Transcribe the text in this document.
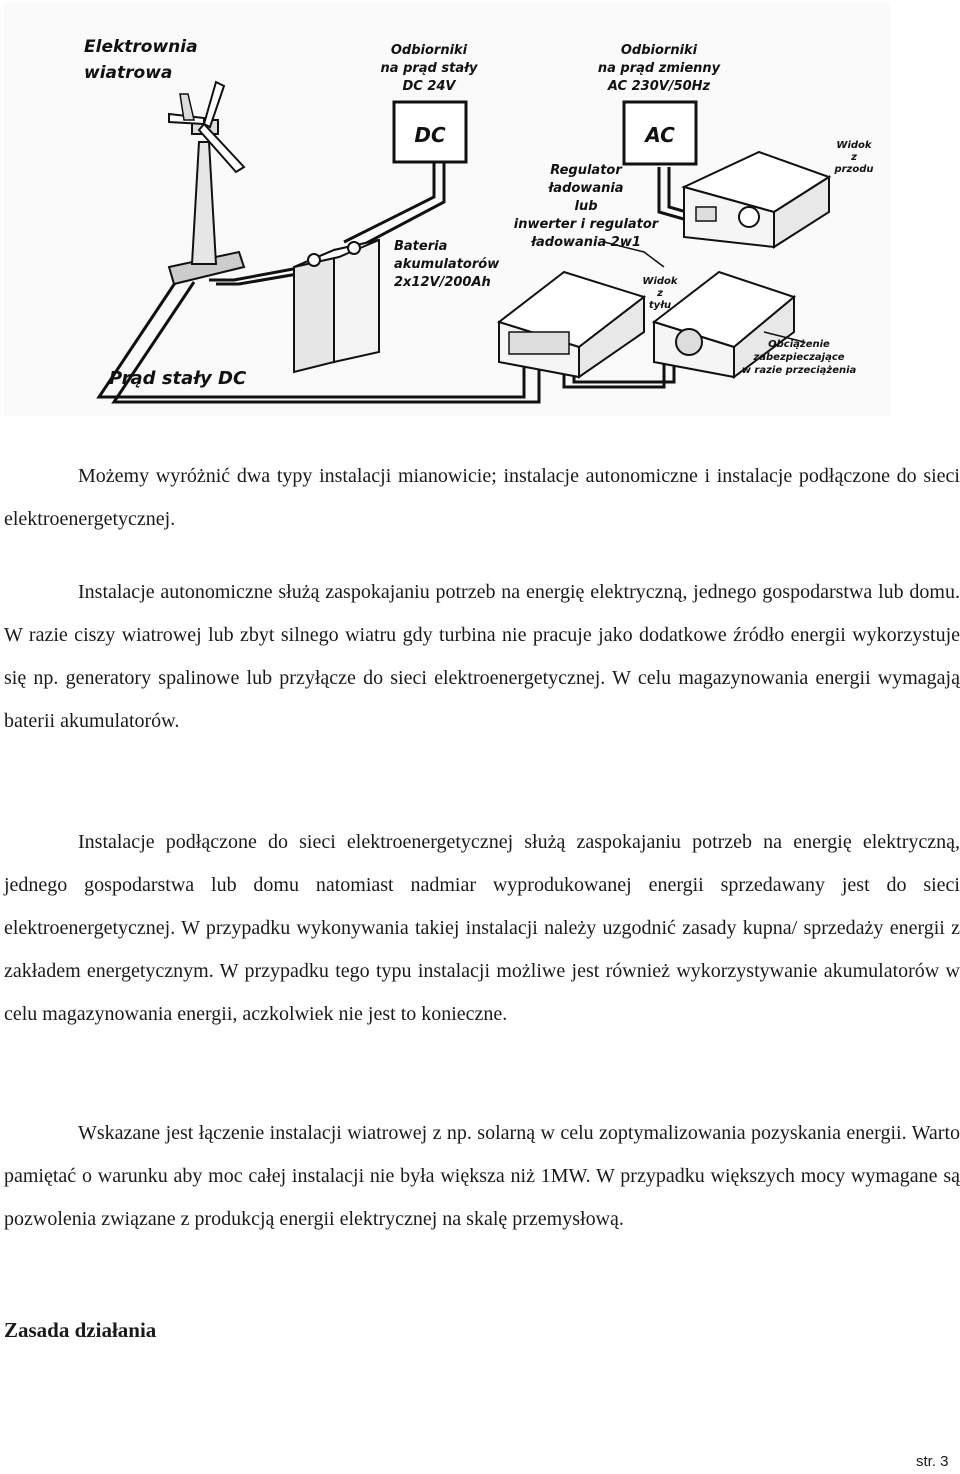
Elektrownia
wiatrowa
Odbiorniki
na prąd stały
DC 24V
Odbiorniki
na prąd zmienny
AC 230V/50Hz
DC	AC
Regulator
ładowania
lub
inwerter i regulator
ładowania 2w1
Bateria
akumulatorów
2x12V/200Ah
Widok
z
przodu
Widok
z
tyłu
Obciążenie
zabezpieczające
w razie przeciążenia
Prąd stały DC

Możemy wyróżnić dwa typy instalacji mianowicie; instalacje autonomiczne i instalacje podłączone do sieci elektroenergetycznej.

Instalacje autonomiczne służą zaspokajaniu potrzeb na energię elektryczną, jednego gospodarstwa lub domu. W razie ciszy wiatrowej lub zbyt silnego wiatru gdy turbina nie pracuje jako dodatkowe źródło energii wykorzystuje się np. generatory spalinowe lub przyłącze do sieci elektroenergetycznej. W celu magazynowania energii wymagają baterii akumulatorów.

Instalacje podłączone do sieci elektroenergetycznej służą zaspokajaniu potrzeb na energię elektryczną, jednego gospodarstwa lub domu natomiast nadmiar wyprodukowanej energii sprzedawany jest do sieci elektroenergetycznej. W przypadku wykonywania takiej instalacji należy uzgodnić zasady kupna/ sprzedaży energii z zakładem energetycznym. W przypadku tego typu instalacji możliwe jest również wykorzystywanie akumulatorów w celu magazynowania energii, aczkolwiek nie jest to konieczne.

Wskazane jest łączenie instalacji wiatrowej z np. solarną w celu zoptymalizowania pozyskania energii. Warto pamiętać o warunku aby moc całej instalacji nie była większa niż 1MW. W przypadku większych mocy wymagane są pozwolenia związane z produkcją energii elektrycznej na skalę przemysłową.

Zasada działania
str. 3
